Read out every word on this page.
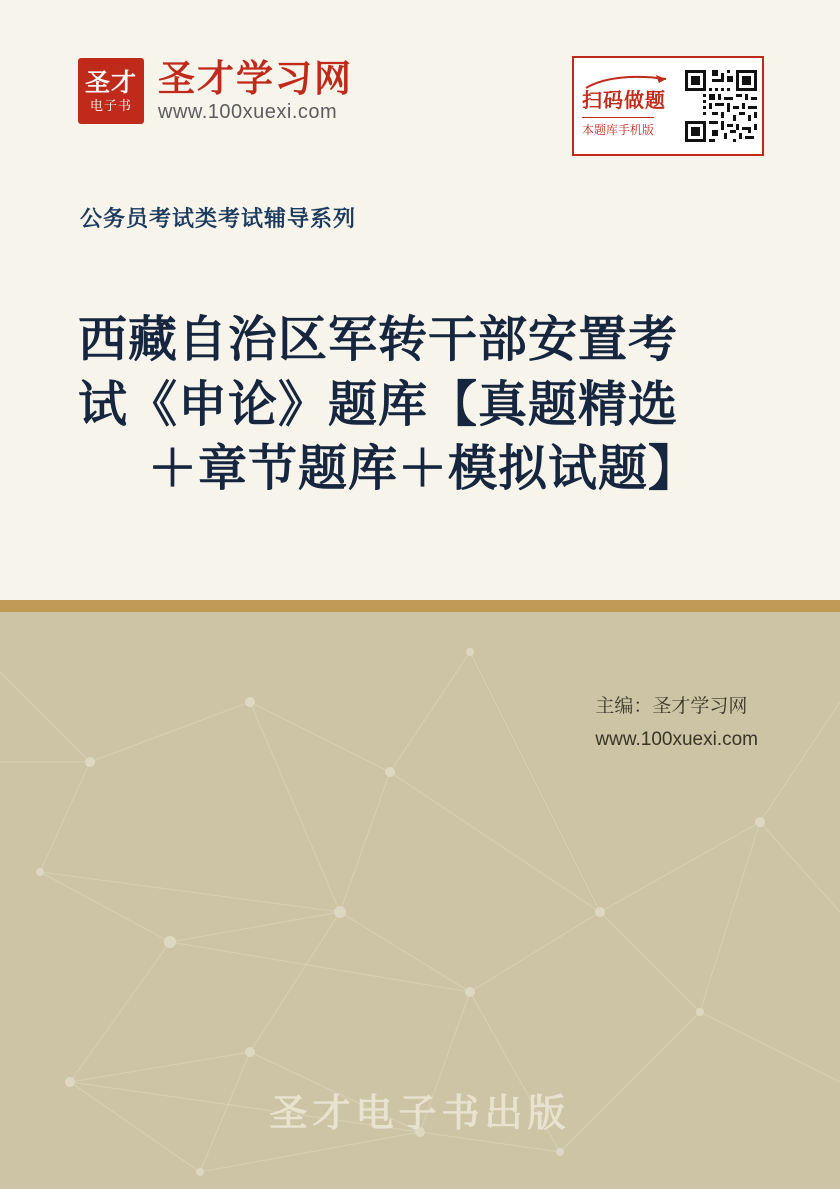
圣才
电子书
圣才学习网
www.100xuexi.com
扫码做题
本题库手机版
公务员考试类考试辅导系列
西藏自治区军转干部安置考
试《申论》题库【真题精选
＋章节题库＋模拟试题】
主编：圣才学习网
www.100xuexi.com
圣才电子书出版
